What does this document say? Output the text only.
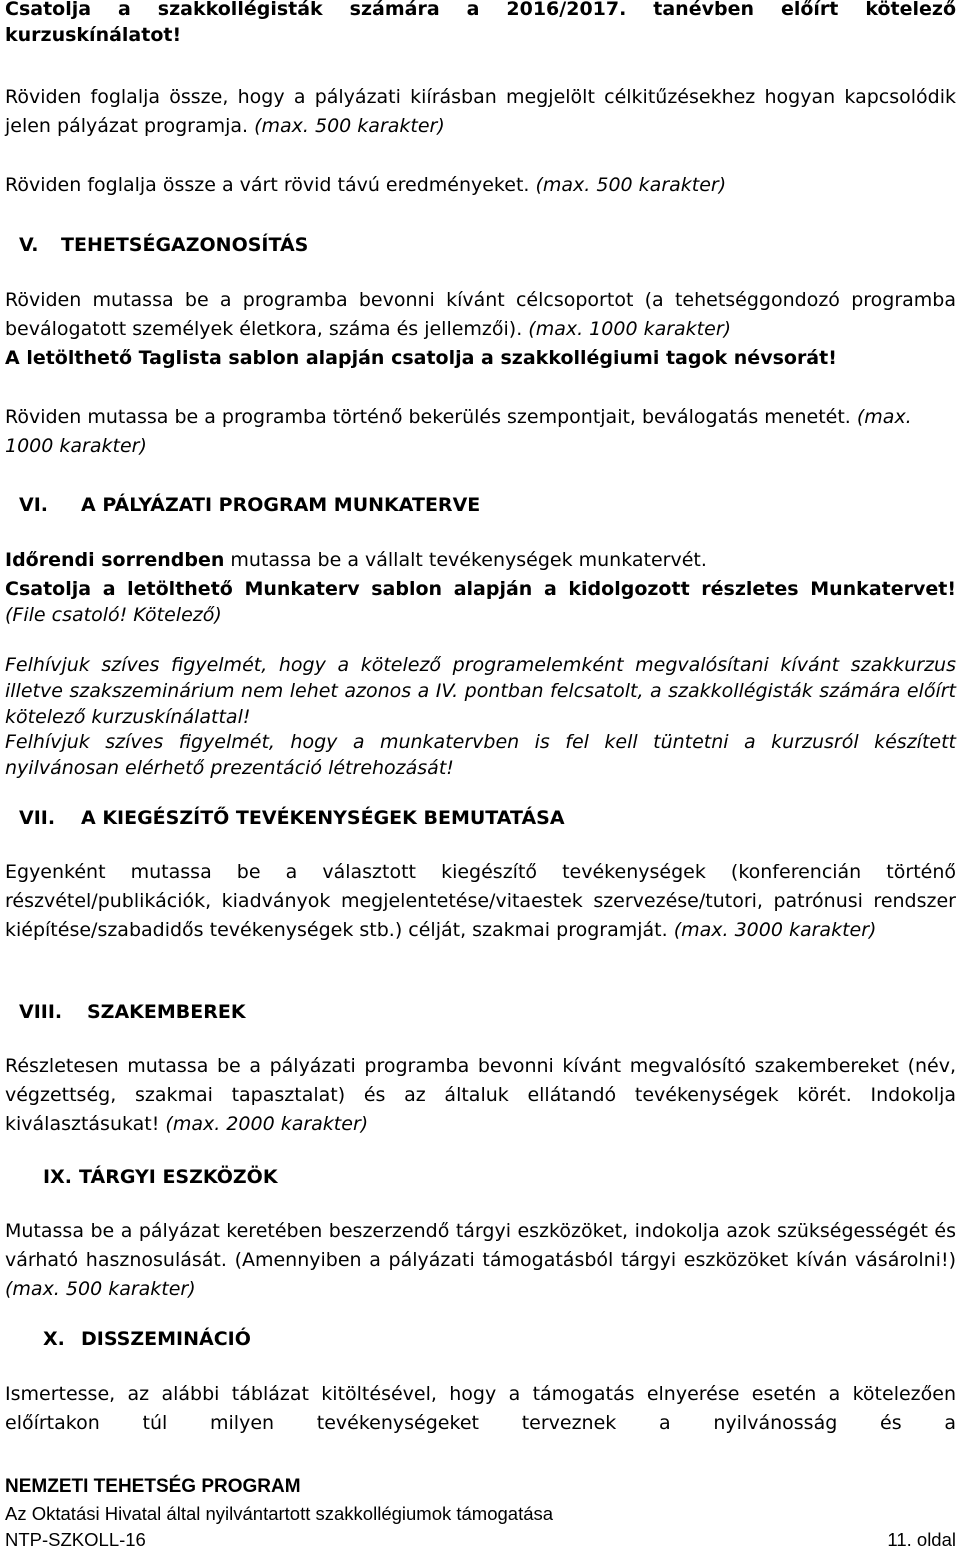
Csatolja a szakkollégisták számára a 2016/2017. tanévben előírt kötelező kurzuskínálatot!

Röviden foglalja össze, hogy a pályázati kiírásban megjelölt célkitűzésekhez hogyan kapcsolódik jelen pályázat programja. (max. 500 karakter)

Röviden foglalja össze a várt rövid távú eredményeket. (max. 500 karakter)

V. TEHETSÉGAZONOSÍTÁS

Röviden mutassa be a programba bevonni kívánt célcsoportot (a tehetséggondozó programba beválogatott személyek életkora, száma és jellemzői). (max. 1000 karakter)
A letölthető Taglista sablon alapján csatolja a szakkollégiumi tagok névsorát!

Röviden mutassa be a programba történő bekerülés szempontjait, beválogatás menetét. (max. 1000 karakter)

VI. A PÁLYÁZATI PROGRAM MUNKATERVE

Időrendi sorrendben mutassa be a vállalt tevékenységek munkatervét.

Csatolja a letölthető Munkaterv sablon alapján a kidolgozott részletes Munkatervet! (File csatoló! Kötelező)

Felhívjuk szíves figyelmét, hogy a kötelező programelemként megvalósítani kívánt szakkurzus illetve szakszeminárium nem lehet azonos a IV. pontban felcsatolt, a szakkollégisták számára előírt kötelező kurzuskínálattal!

Felhívjuk szíves figyelmét, hogy a munkatervben is fel kell tüntetni a kurzusról készített nyilvánosan elérhető prezentáció létrehozását!

VII. A KIEGÉSZÍTŐ TEVÉKENYSÉGEK BEMUTATÁSA

Egyenként mutassa be a választott kiegészítő tevékenységek (konferencián történő részvétel/publikációk, kiadványok megjelentetése/vitaestek szervezése/tutori, patrónusi rendszer kiépítése/szabadidős tevékenységek stb.) célját, szakmai programját. (max. 3000 karakter)

VIII. SZAKEMBEREK

Részletesen mutassa be a pályázati programba bevonni kívánt megvalósító szakembereket (név, végzettség, szakmai tapasztalat) és az általuk ellátandó tevékenységek körét. Indokolja kiválasztásukat! (max. 2000 karakter)

IX. TÁRGYI ESZKÖZÖK

Mutassa be a pályázat keretében beszerzendő tárgyi eszközöket, indokolja azok szükségességét és várható hasznosulását. (Amennyiben a pályázati támogatásból tárgyi eszközöket kíván vásárolni!) (max. 500 karakter)

X. DISSZEMINÁCIÓ

Ismertesse, az alábbi táblázat kitöltésével, hogy a támogatás elnyerése esetén a kötelezően előírtakon túl milyen tevékenységeket terveznek a nyilvánosság és a

NEMZETI TEHETSÉG PROGRAM
Az Oktatási Hivatal által nyilvántartott szakkollégiumok támogatása
NTP-SZKOLL-16	11. oldal
